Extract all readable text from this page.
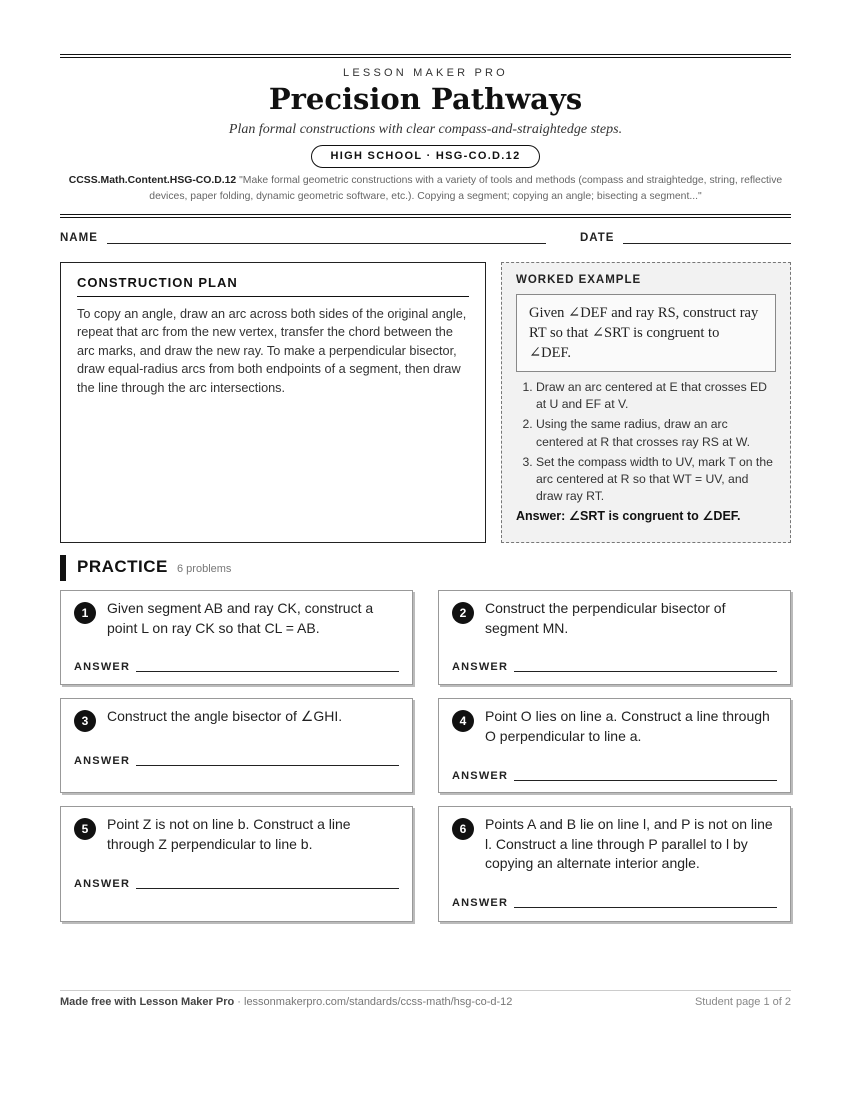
LESSON MAKER PRO
Precision Pathways
Plan formal constructions with clear compass-and-straightedge steps.
HIGH SCHOOL · HSG-CO.D.12
CCSS.Math.Content.HSG-CO.D.12 "Make formal geometric constructions with a variety of tools and methods (compass and straightedge, string, reflective devices, paper folding, dynamic geometric software, etc.). Copying a segment; copying an angle; bisecting a segment..."
NAME	DATE
CONSTRUCTION PLAN
To copy an angle, draw an arc across both sides of the original angle, repeat that arc from the new vertex, transfer the chord between the arc marks, and draw the new ray. To make a perpendicular bisector, draw equal-radius arcs from both endpoints of a segment, then draw the line through the arc intersections.
WORKED EXAMPLE
Given ∠DEF and ray RS, construct ray RT so that ∠SRT is congruent to ∠DEF.
1. Draw an arc centered at E that crosses ED at U and EF at V.
2. Using the same radius, draw an arc centered at R that crosses ray RS at W.
3. Set the compass width to UV, mark T on the arc centered at R so that WT = UV, and draw ray RT.
Answer: ∠SRT is congruent to ∠DEF.
PRACTICE 6 problems
1	Given segment AB and ray CK, construct a point L on ray CK so that CL = AB.
ANSWER
2	Construct the perpendicular bisector of segment MN.
ANSWER
3	Construct the angle bisector of ∠GHI.
ANSWER
4	Point O lies on line a. Construct a line through O perpendicular to line a.
ANSWER
5	Point Z is not on line b. Construct a line through Z perpendicular to line b.
ANSWER
6	Points A and B lie on line l, and P is not on line l. Construct a line through P parallel to l by copying an alternate interior angle.
ANSWER
Made free with Lesson Maker Pro · lessonmakerpro.com/standards/ccss-math/hsg-co-d-12	Student page 1 of 2
